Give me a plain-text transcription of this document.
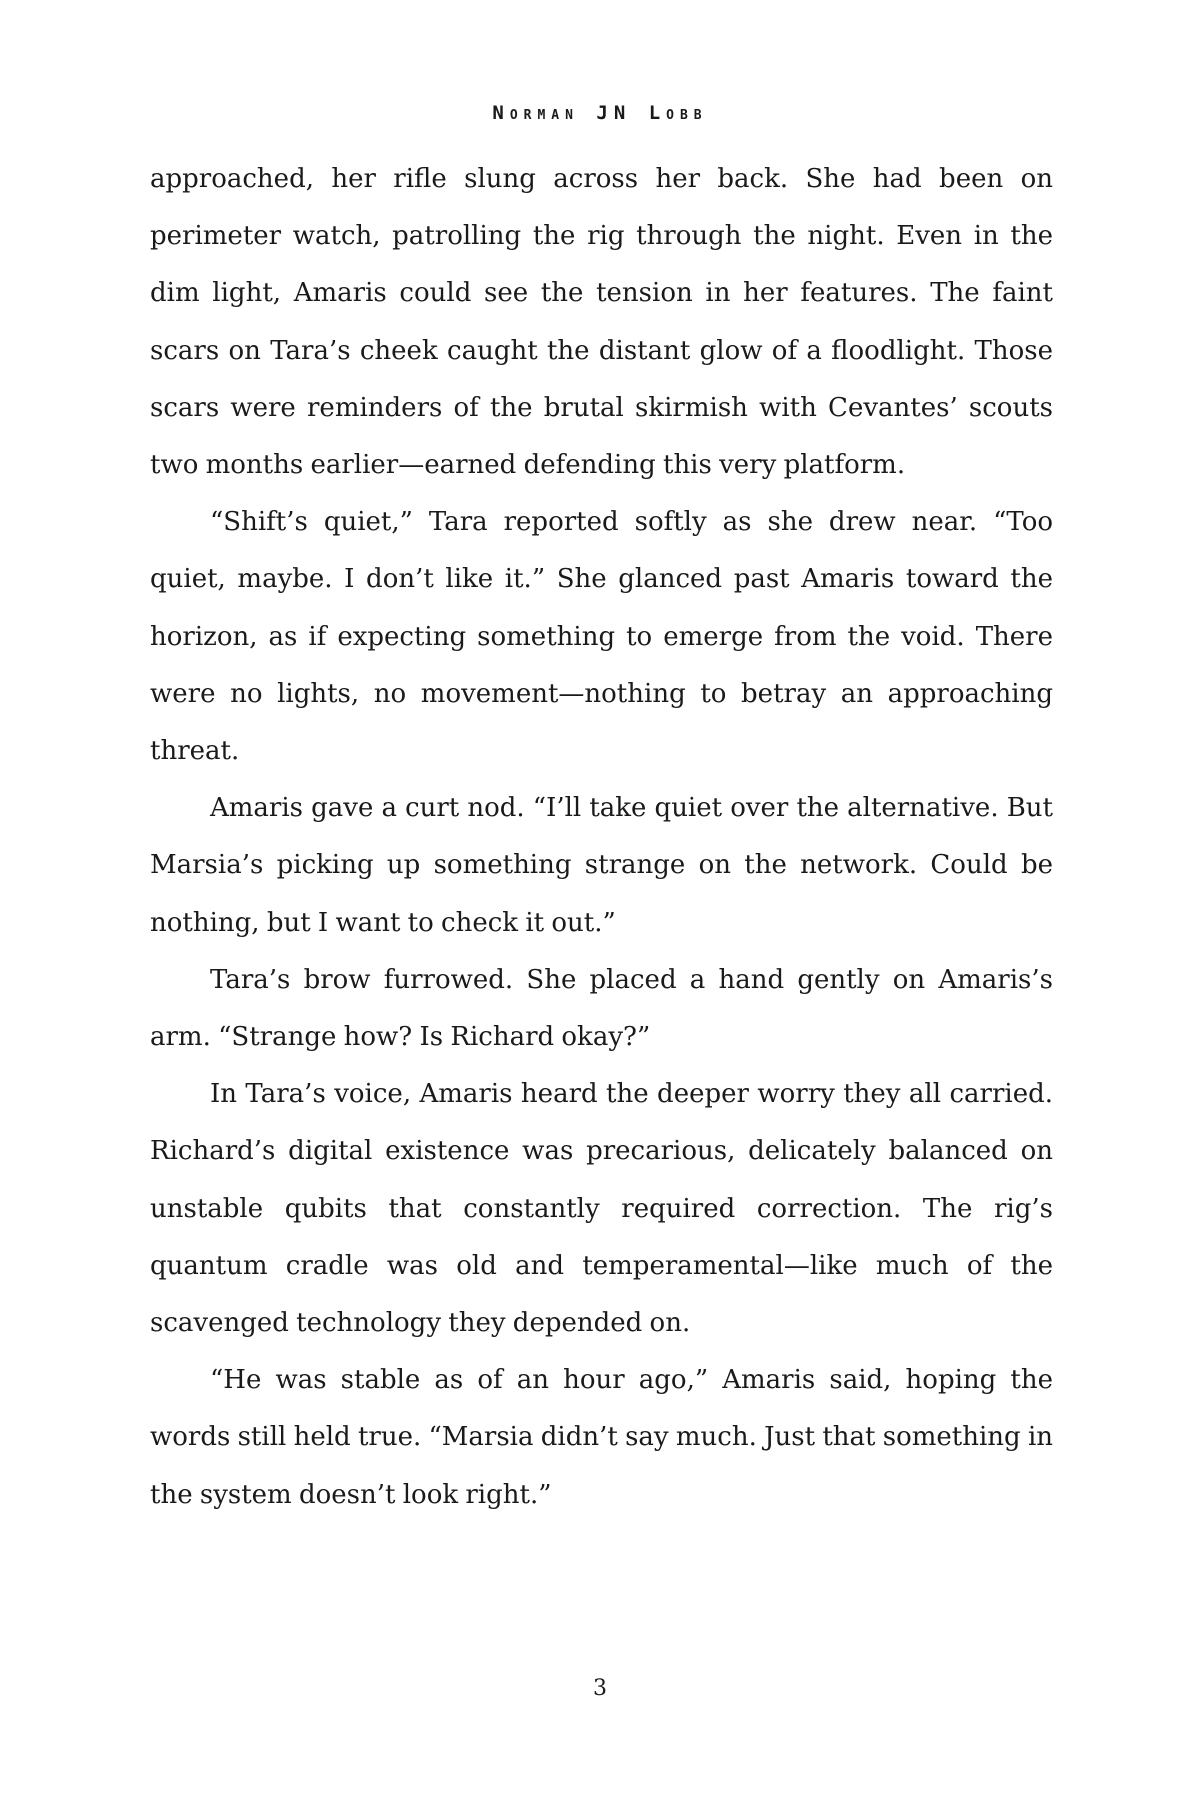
Norman JN Lobb

approached, her rifle slung across her back. She had been on perimeter watch, patrolling the rig through the night. Even in the dim light, Amaris could see the tension in her features. The faint scars on Tara’s cheek caught the distant glow of a floodlight. Those scars were reminders of the brutal skirmish with Cevantes’ scouts two months earlier—earned defending this very platform.

“Shift’s quiet,” Tara reported softly as she drew near. “Too quiet, maybe. I don’t like it.” She glanced past Amaris toward the horizon, as if expecting something to emerge from the void. There were no lights, no movement—nothing to betray an approaching threat.

Amaris gave a curt nod. “I’ll take quiet over the alternative. But Marsia’s picking up something strange on the network. Could be nothing, but I want to check it out.”

Tara’s brow furrowed. She placed a hand gently on Amaris’s arm. “Strange how? Is Richard okay?”

In Tara’s voice, Amaris heard the deeper worry they all carried. Richard’s digital existence was precarious, delicately balanced on unstable qubits that constantly required correction. The rig’s quantum cradle was old and temperamental—like much of the scavenged technology they depended on.

“He was stable as of an hour ago,” Amaris said, hoping the words still held true. “Marsia didn’t say much. Just that something in the system doesn’t look right.”

3
